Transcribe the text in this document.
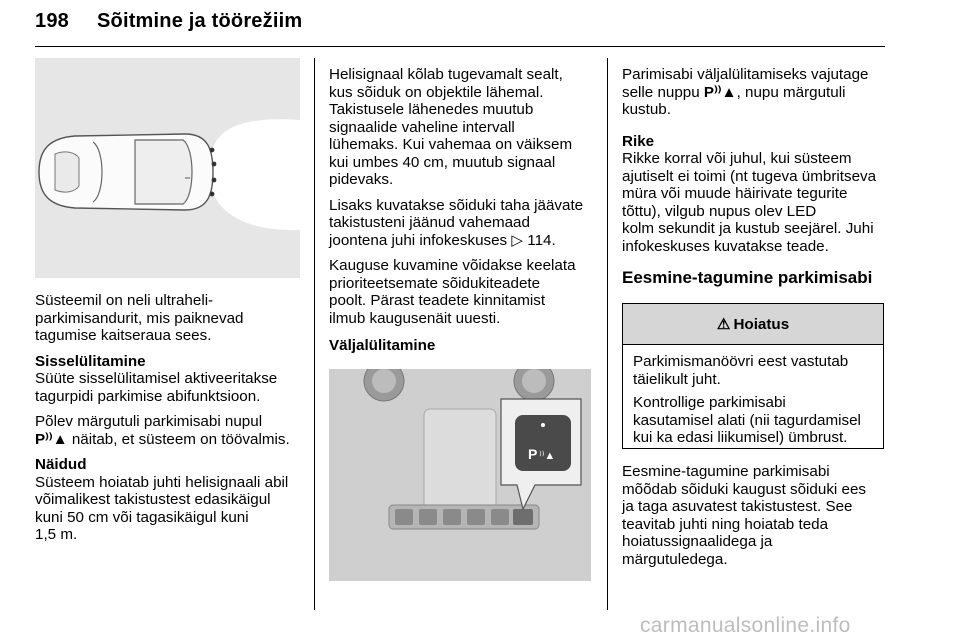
198 Sõitmine ja töörežiim

Süsteemil on neli ultraheli-
parkimisandurit, mis paiknevad
tagumise kaitseraua sees.

Sisselülitamine

Süüte sisselülitamisel aktiveeritakse
tagurpidi parkimise abifunktsioon.

Põlev märgutuli parkimisabi nupul
P⁾⁾▲ näitab, et süsteem on töövalmis.

Näidud

Süsteem hoiatab juhti helisignaali abil
võimalikest takistustest edasikäigul
kuni 50 cm või tagasikäigul kuni
1,5 m.

Helisignaal kõlab tugevamalt sealt,
kus sõiduk on objektile lähemal.
Takistusele lähenedes muutub
signaalide vaheline intervall
lühemaks. Kui vahemaa on väiksem
kui umbes 40 cm, muutub signaal
pidevaks.

Lisaks kuvatakse sõiduki taha jäävate
takistusteni jäänud vahemaad
joontena juhi infokeskuses ▷ 114.

Kauguse kuvamine võidakse keelata
prioriteetsemate sõidukiteadete
poolt. Pärast teadete kinnitamist
ilmub kaugusenäit uuesti.

Väljalülitamine
P ⁾⁾▲

Parimisabi väljalülitamiseks vajutage
selle nuppu P⁾⁾▲, nupu märgutuli
kustub.

Rike

Rikke korral või juhul, kui süsteem
ajutiselt ei toimi (nt tugeva ümbritseva
müra või muude häirivate tegurite
tõttu), vilgub nupus olev LED
kolm sekundit ja kustub seejärel. Juhi
infokeskuses kuvatakse teade.

Eesmine-tagumine parkimisabi
⚠ Hoiatus

Parkimismanöövri eest vastutab
täielikult juht.

Kontrollige parkimisabi
kasutamisel alati (nii tagurdamisel
kui ka edasi liikumisel) ümbrust.

Eesmine-tagumine parkimisabi
mõõdab sõiduki kaugust sõiduki ees
ja taga asuvatest takistustest. See
teavitab juhti ning hoiatab teda
hoiatussignaalidega ja
märgutuledega.

carmanualsonline.info
